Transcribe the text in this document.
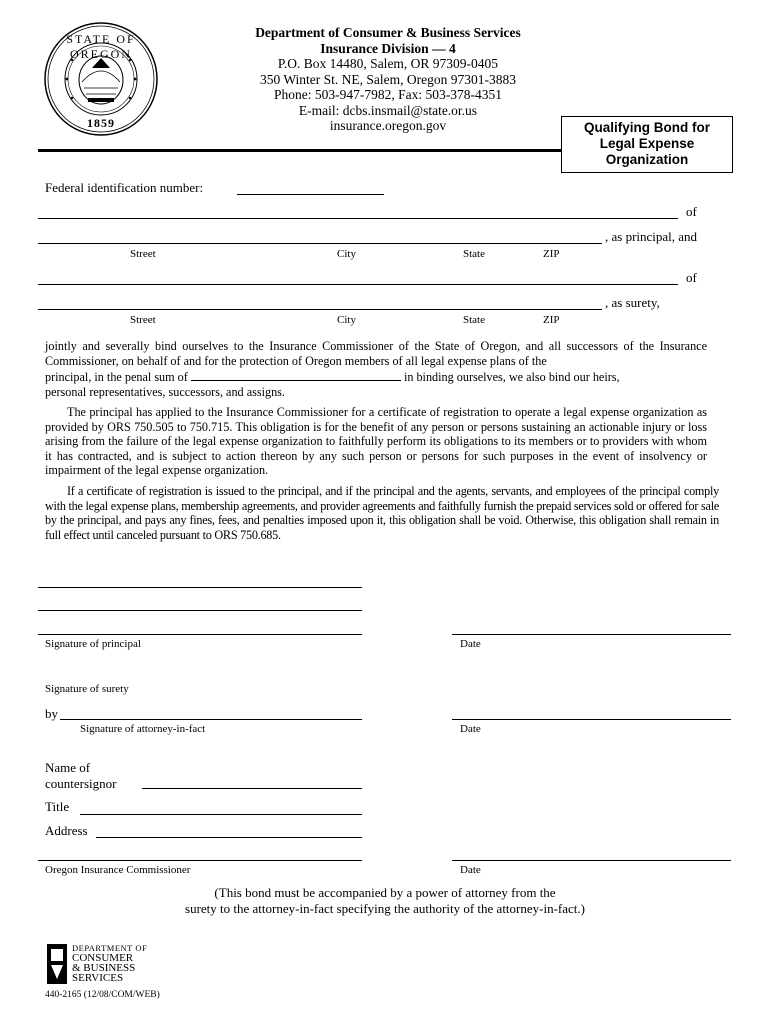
STATE OF OREGON
1859
Department of Consumer & Business Services
Insurance Division — 4
P.O. Box 14480, Salem, OR 97309-0405
350 Winter St. NE, Salem, Oregon 97301-3883
Phone: 503-947-7982, Fax: 503-378-4351
E-mail: dcbs.insmail@state.or.us
insurance.oregon.gov	Qualifying Bond for
Legal Expense
Organization
Federal identification number:
of
, as principal, and
Street	City	State	ZIP
of
, as surety,
Street	City	State	ZIP
jointly and severally bind ourselves to the Insurance Commissioner of the State of Oregon, and all successors of the Insurance Commissioner, on behalf of and for the protection of Oregon members of all legal expense plans of the
principal, in the penal sum of	in binding ourselves, we also bind our heirs,
personal representatives, successors, and assigns.
The principal has applied to the Insurance Commissioner for a certificate of registration to operate a legal expense organization as provided by ORS 750.505 to 750.715. This obligation is for the benefit of any person or persons sustaining an actionable injury or loss arising from the failure of the legal expense organization to faithfully perform its obligations to its members or to providers with whom it has contracted, and is subject to action thereon by any such person or persons for such purposes in the event of insolvency or impairment of the legal expense organization.
If a certificate of registration is issued to the principal, and if the principal and the agents, servants, and employees of the principal comply with the legal expense plans, membership agreements, and provider agreements and faithfully furnish the prepaid services sold or offered for sale by the principal, and pays any fines, fees, and penalties imposed upon it, this obligation shall be void. Otherwise, this obligation shall remain in full effect until canceled pursuant to ORS 750.685.
Signature of principal	Date
Signature of surety
by
Signature of attorney-in-fact	Date
Name of
countersignor
Title
Address
Oregon Insurance Commissioner	Date
(This bond must be accompanied by a power of attorney from the
surety to the attorney-in-fact specifying the authority of the attorney-in-fact.)
DEPARTMENT OF
CONSUMER
& BUSINESS
SERVICES
440-2165 (12/08/COM/WEB)
